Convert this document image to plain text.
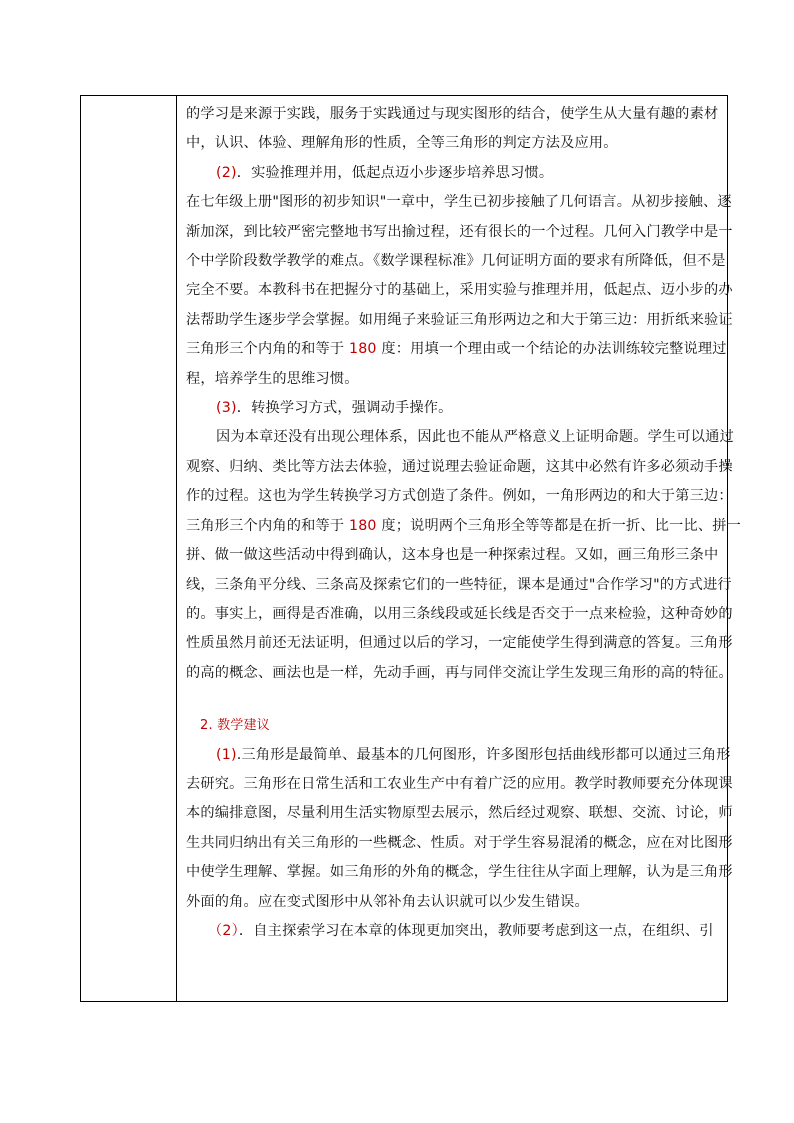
的学习是来源于实践，服务于实践通过与现实图形的结合，使学生从大量有趣的素材

中，认识、体验、理解角形的性质，全等三角形的判定方法及应用。

(2)．实验推理并用，低起点迈小步逐步培养思习惯。

在七年级上册"图形的初步知识"一章中，学生已初步接触了几何语言。从初步接触、逐

渐加深，到比较严密完整地书写出揄过程，还有很长的一个过程。几何入门教学中是一

个中学阶段数学教学的难点。《数学课程标准》几何证明方面的要求有所降低，但不是

完全不要。本教科书在把握分寸的基础上，采用实验与推理并用，低起点、迈小步的办

法帮助学生逐步学会掌握。如用绳子来验证三角形两边之和大于第三边：用折纸来验证

三角形三个内角的和等于 180 度：用填一个理由或一个结论的办法训练较完整说理过

程，培养学生的思维习惯。

(3)．转换学习方式，强调动手操作。

因为本章还没有出现公理体系，因此也不能从严格意义上证明命题。学生可以通过

观察、归纳、类比等方法去体验，通过说理去验证命题，这其中必然有许多必须动手操

作的过程。这也为学生转换学习方式创造了条件。例如，一角形两边的和大于第三边：

三角形三个内角的和等于 180 度；说明两个三角形全等等都是在折一折、比一比、拼一

拼、做一做这些活动中得到确认，这本身也是一种探索过程。又如，画三角形三条中

线，三条角平分线、三条高及探索它们的一些特征，课本是通过"合作学习"的方式进行

的。事实上，画得是否准确，以用三条线段或延长线是否交于一点来检验，这种奇妙的

性质虽然月前还无法证明，但通过以后的学习，一定能使学生得到满意的答复。三角形

的高的概念、画法也是一样，先动手画，再与同伴交流让学生发现三角形的高的特征。

2. 教学建议

(1).三角形是最简单、最基本的几何图形，许多图形包括曲线形都可以通过三角形

去研究。三角形在日常生活和工农业生产中有着广泛的应用。教学时教师要充分体现课

本的编排意图，尽量利用生活实物原型去展示，然后经过观察、联想、交流、讨论，师

生共同归纳出有关三角形的一些概念、性质。对于学生容易混淆的概念，应在对比图形

中使学生理解、掌握。如三角形的外角的概念，学生往往从字面上理解，认为是三角形

外面的角。应在变式图形中从邻补角去认识就可以少发生错误。

（2）．自主探索学习在本章的体现更加突出，教师要考虑到这一点，在组织、引
